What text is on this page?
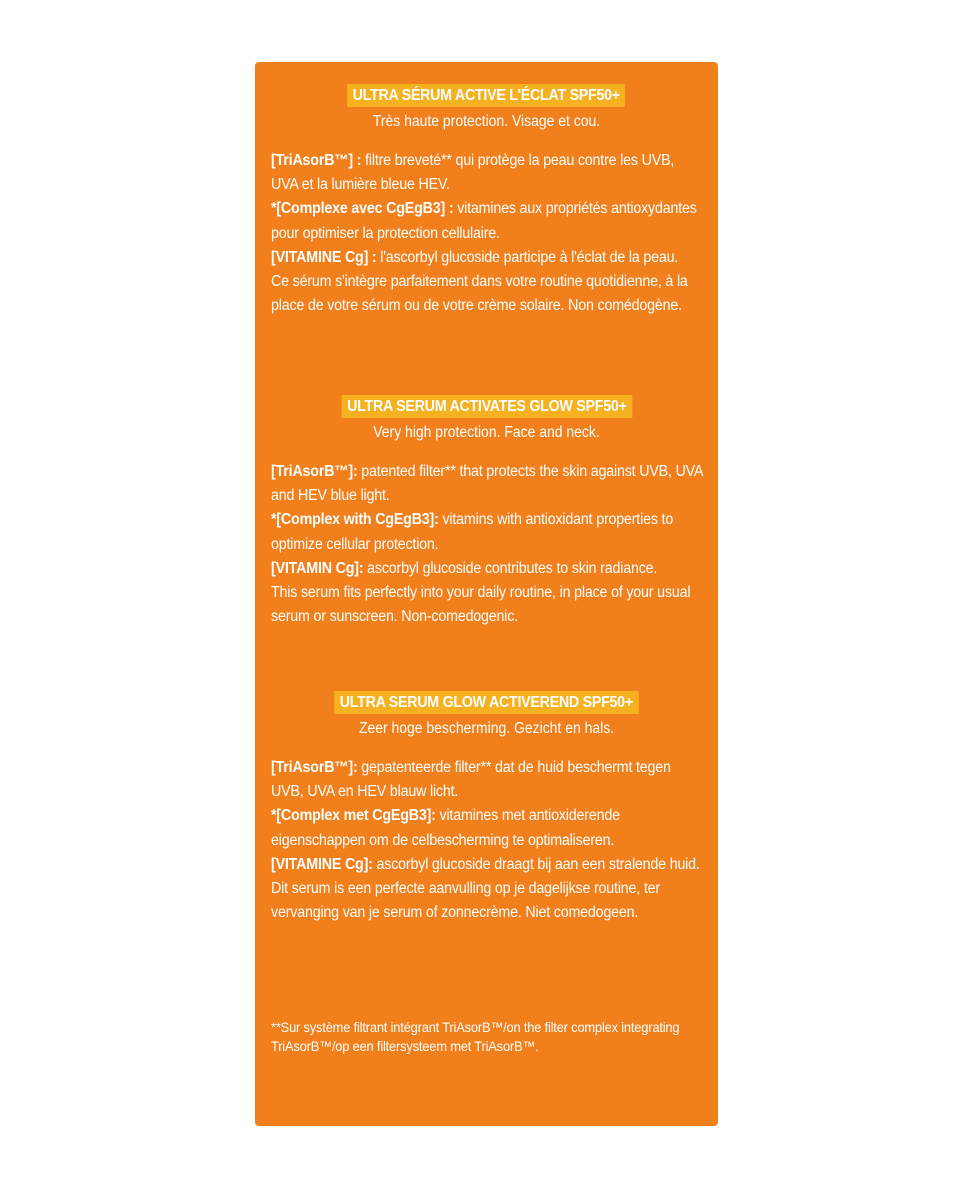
ULTRA SÉRUM ACTIVE L'ÉCLAT SPF50+
Très haute protection. Visage et cou.

[TriAsorB™] : filtre breveté** qui protège la peau contre les UVB, UVA et la lumière bleue HEV.

*[Complexe avec CgEgB3] : vitamines aux propriétés antioxydantes pour optimiser la protection cellulaire.

[VITAMINE Cg] : l'ascorbyl glucoside participe à l'éclat de la peau.

Ce sérum s'intègre parfaitement dans votre routine quotidienne, à la place de votre sérum ou de votre crème solaire. Non comédogène.

ULTRA SERUM ACTIVATES GLOW SPF50+
Very high protection. Face and neck.

[TriAsorB™]: patented filter** that protects the skin against UVB, UVA and HEV blue light.

*[Complex with CgEgB3]: vitamins with antioxidant properties to optimize cellular protection.

[VITAMIN Cg]: ascorbyl glucoside contributes to skin radiance.

This serum fits perfectly into your daily routine, in place of your usual serum or sunscreen. Non-comedogenic.

ULTRA SERUM GLOW ACTIVEREND SPF50+
Zeer hoge bescherming. Gezicht en hals.

[TriAsorB™]: gepatenteerde filter** dat de huid beschermt tegen UVB, UVA en HEV blauw licht.

*[Complex met CgEgB3]: vitamines met antioxiderende eigenschappen om de celbescherming te optimaliseren.

[VITAMINE Cg]: ascorbyl glucoside draagt bij aan een stralende huid.

Dit serum is een perfecte aanvulling op je dagelijkse routine, ter vervanging van je serum of zonnecrème. Niet comedogeen.

**Sur système filtrant intégrant TriAsorB™/on the filter complex integrating TriAsorB™/op een filtersysteem met TriAsorB™.
